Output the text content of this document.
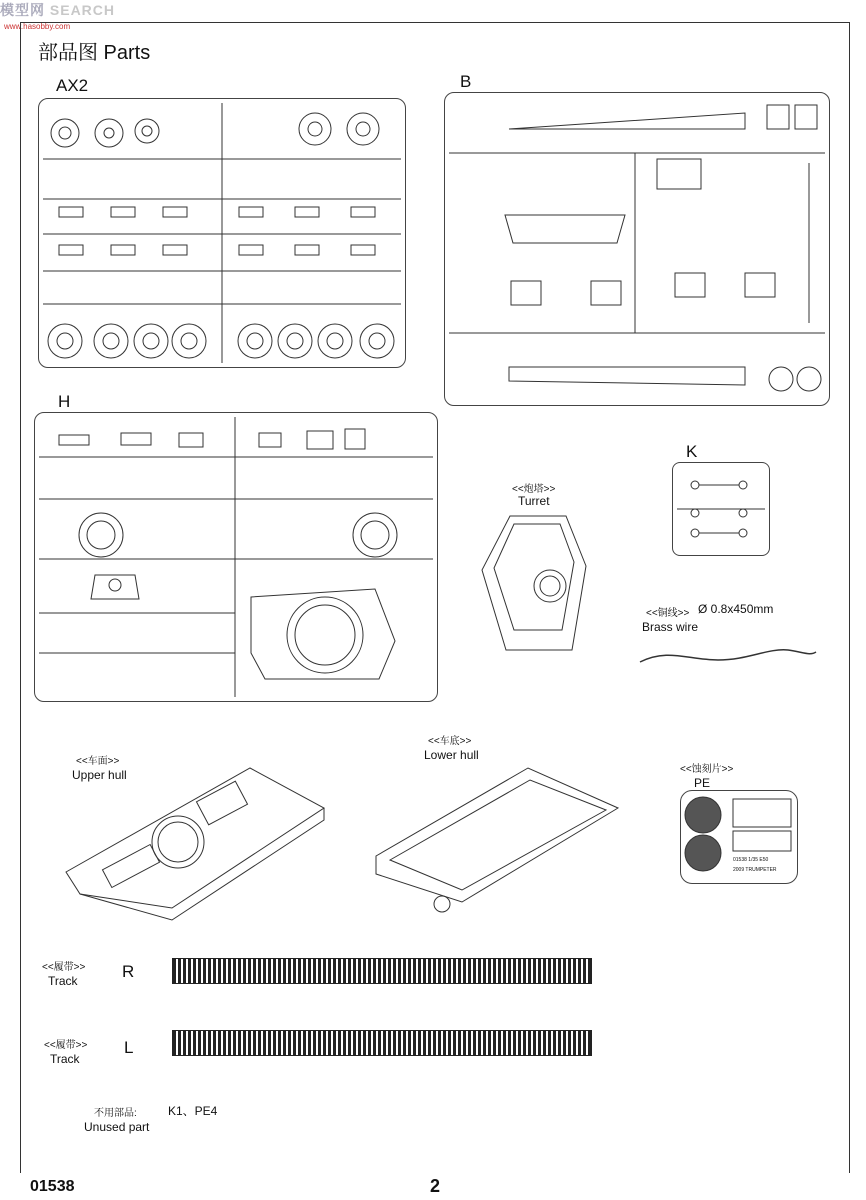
模型网 SEARCH
www.hasobby.com
部品图 Parts
AX2	B
H
<<炮塔>>
Turret
K
<<铜线>> Ø 0.8x450mm
Brass wire
<<车面>>
Upper hull
<<车底>>
Lower hull
<<蚀刻片>>
PE
01538 1/35 E50
2009 TRUMPETER
<<履带>>
Track	R
<<履带>>
Track
L
不用部品:	K1、PE4
Unused part
01538	2
